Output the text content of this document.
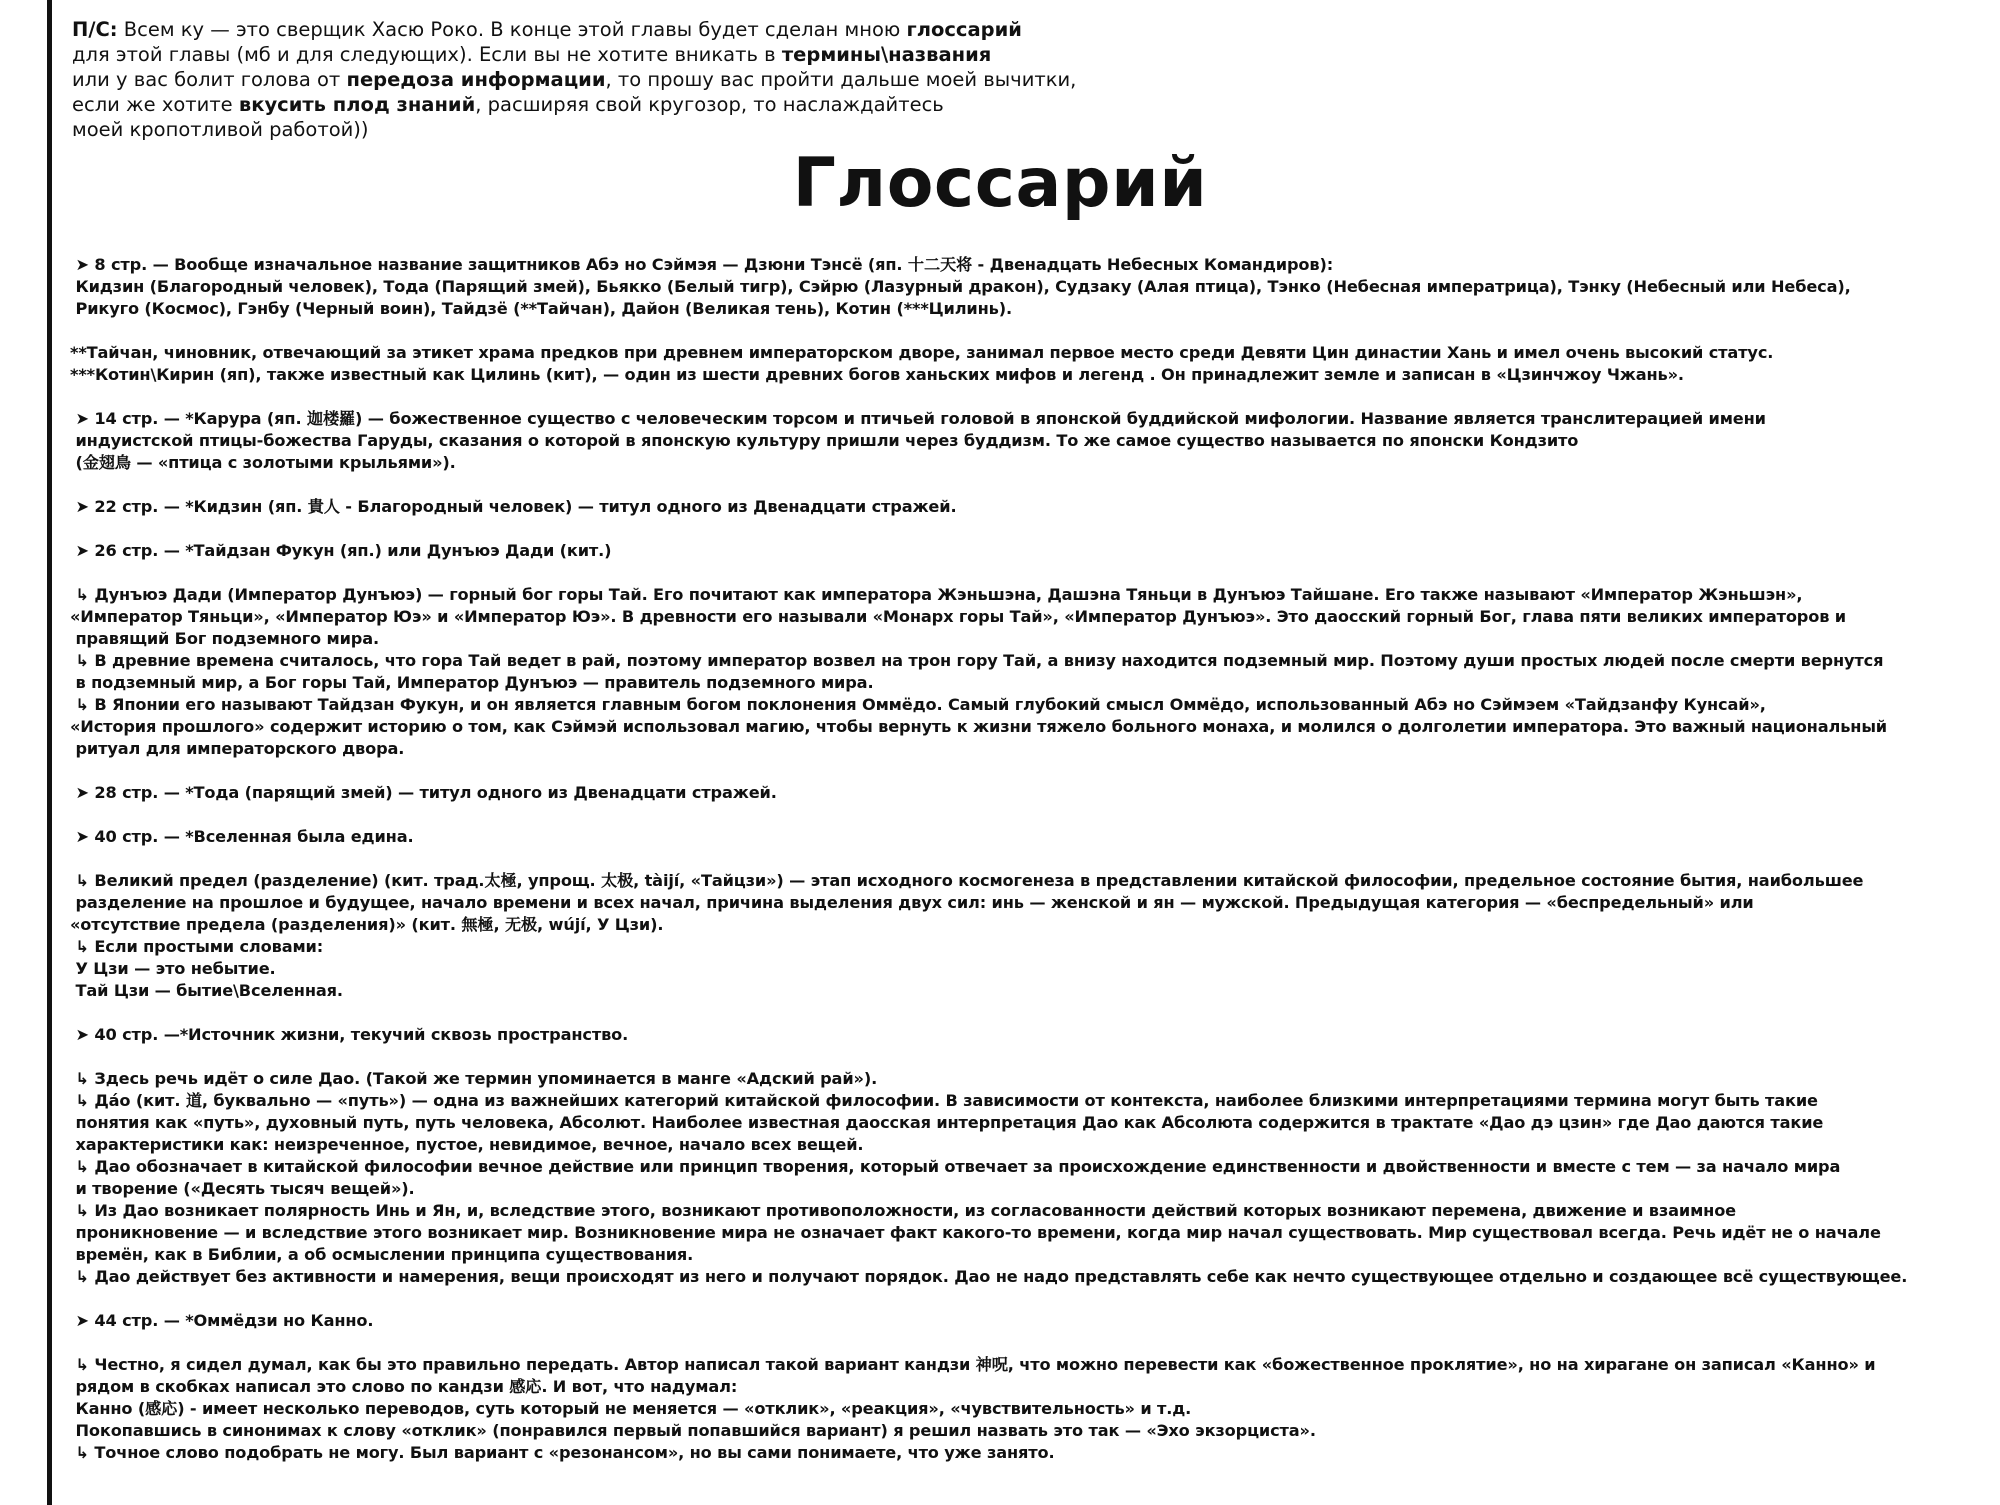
П/С: Всем ку — это сверщик Хасю Роко. В конце этой главы будет сделан мною глоссарий

для этой главы (мб и для следующих). Если вы не хотите вникать в термины\названия

или у вас болит голова от передоза информации, то прошу вас пройти дальше моей вычитки,

если же хотите вкусить плод знаний, расширяя свой кругозор, то наслаждайтесь

моей кропотливой работой))

Глоссарий
➤ 8 стр. — Вообще изначальное название защитников Абэ но Сэймэя — Дзюни Тэнсё (яп. 十二天将 - Двенадцать Небесных Командиров):
Кидзин (Благородный человек), Тода (Парящий змей), Бьякко (Белый тигр), Сэйрю (Лазурный дракон), Судзаку (Алая птица), Тэнко (Небесная императрица), Тэнку (Небесный или Небеса),
Рикуго (Космос), Гэнбу (Черный воин), Тайдзё (**Тайчан), Дайон (Великая тень), Котин (***Цилинь).
**Тайчан, чиновник, отвечающий за этикет храма предков при древнем императорском дворе, занимал первое место среди Девяти Цин династии Хань и имел очень высокий статус.
***Котин\Кирин (яп), также известный как Цилинь (кит), — один из шести древних богов ханьских мифов и легенд . Он принадлежит земле и записан в «Цзинчжоу Чжань».
➤ 14 стр. — *Карура (яп. 迦楼羅) — божественное существо с человеческим торсом и птичьей головой в японской буддийской мифологии. Название является транслитерацией имени
индуистской птицы-божества Гаруды, сказания о которой в японскую культуру пришли через буддизм. То же самое существо называется по японски Кондзито
(金翅鳥 — «птица с золотыми крыльями»).
➤ 22 стр. — *Кидзин (яп. 貴人 - Благородный человек) — титул одного из Двенадцати стражей.
➤ 26 стр. — *Тайдзан Фукун (яп.) или Дунъюэ Дади (кит.)
↳ Дунъюэ Дади (Император Дунъюэ) — горный бог горы Тай. Его почитают как императора Жэньшэна, Дашэна Тяньци в Дунъюэ Тайшане. Его также называют «Император Жэньшэн»,
«Император Тяньци», «Император Юэ» и «Император Юэ». В древности его называли «Монарх горы Тай», «Император Дунъюэ». Это даосский горный Бог, глава пяти великих императоров и
правящий Бог подземного мира.
↳ В древние времена считалось, что гора Тай ведет в рай, поэтому император возвел на трон гору Тай, а внизу находится подземный мир. Поэтому души простых людей после смерти вернутся
в подземный мир, а Бог горы Тай, Император Дунъюэ — правитель подземного мира.
↳ В Японии его называют Тайдзан Фукун, и он является главным богом поклонения Оммёдо. Самый глубокий смысл Оммёдо, использованный Абэ но Сэймэем «Тайдзанфу Кунсай»,
«История прошлого» содержит историю о том, как Сэймэй использовал магию, чтобы вернуть к жизни тяжело больного монаха, и молился о долголетии императора. Это важный национальный
ритуал для императорского двора.
➤ 28 стр. — *Тода (парящий змей) — титул одного из Двенадцати стражей.
➤ 40 стр. — *Вселенная была едина.
↳ Великий предел (разделение) (кит. трад.太極, упрощ. 太极, tàijí, «Тайцзи») — этап исходного космогенеза в представлении китайской философии, предельное состояние бытия, наибольшее
разделение на прошлое и будущее, начало времени и всех начал, причина выделения двух сил: инь — женской и ян — мужской. Предыдущая категория — «беспредельный» или
«отсутствие предела (разделения)» (кит. 無極, 无极, wújí, У Цзи).
↳ Если простыми словами:
У Цзи — это небытие.
Тай Цзи — бытие\Вселенная.
➤ 40 стр. —*Источник жизни, текучий сквозь пространство.
↳ Здесь речь идёт о силе Дао. (Такой же термин упоминается в манге «Адский рай»).
↳ Да́о (кит. 道, буквально — «путь») — одна из важнейших категорий китайской философии. В зависимости от контекста, наиболее близкими интерпретациями термина могут быть такие
понятия как «путь», духовный путь, путь человека, Абсолют. Наиболее известная даосская интерпретация Дао как Абсолюта содержится в трактате «Дао дэ цзин» где Дао даются такие
характеристики как: неизреченное, пустое, невидимое, вечное, начало всех вещей.
↳ Дао обозначает в китайской философии вечное действие или принцип творения, который отвечает за происхождение единственности и двойственности и вместе с тем — за начало мира
и творение («Десять тысяч вещей»).
↳ Из Дао возникает полярность Инь и Ян, и, вследствие этого, возникают противоположности, из согласованности действий которых возникают перемена, движение и взаимное
проникновение — и вследствие этого возникает мир. Возникновение мира не означает факт какого-то времени, когда мир начал существовать. Мир существовал всегда. Речь идёт не о начале
времён, как в Библии, а об осмыслении принципа существования.
↳ Дао действует без активности и намерения, вещи происходят из него и получают порядок. Дао не надо представлять себе как нечто существующее отдельно и создающее всё существующее.
➤ 44 стр. — *Оммёдзи но Канно.
↳ Честно, я сидел думал, как бы это правильно передать. Автор написал такой вариант кандзи 神呪, что можно перевести как «божественное проклятие», но на хирагане он записал «Канно» и
рядом в скобках написал это слово по кандзи 感応. И вот, что надумал:
Канно (感応) - имеет несколько переводов, суть который не меняется — «отклик», «реакция», «чувствительность» и т.д.
Покопавшись в синонимах к слову «отклик» (понравился первый попавшийся вариант) я решил назвать это так — «Эхо экзорциста».
↳ Точное слово подобрать не могу. Был вариант с «резонансом», но вы сами понимаете, что уже занято.
